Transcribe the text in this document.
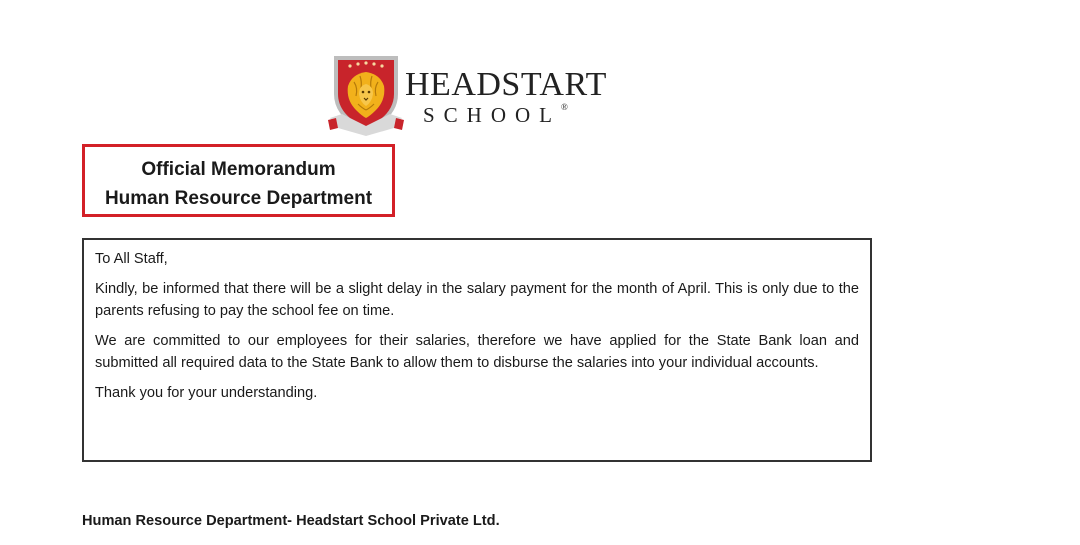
HEADSTART
SCHOOL®
Official Memorandum
Human Resource Department

To All Staff,

Kindly, be informed that there will be a slight delay in the salary payment for the month of April. This is only due to the parents refusing to pay the school fee on time.

We are committed to our employees for their salaries, therefore we have applied for the State Bank loan and submitted all required data to the State Bank to allow them to disburse the salaries into your individual accounts.

Thank you for your understanding.

Human Resource Department- Headstart School Private Ltd.
